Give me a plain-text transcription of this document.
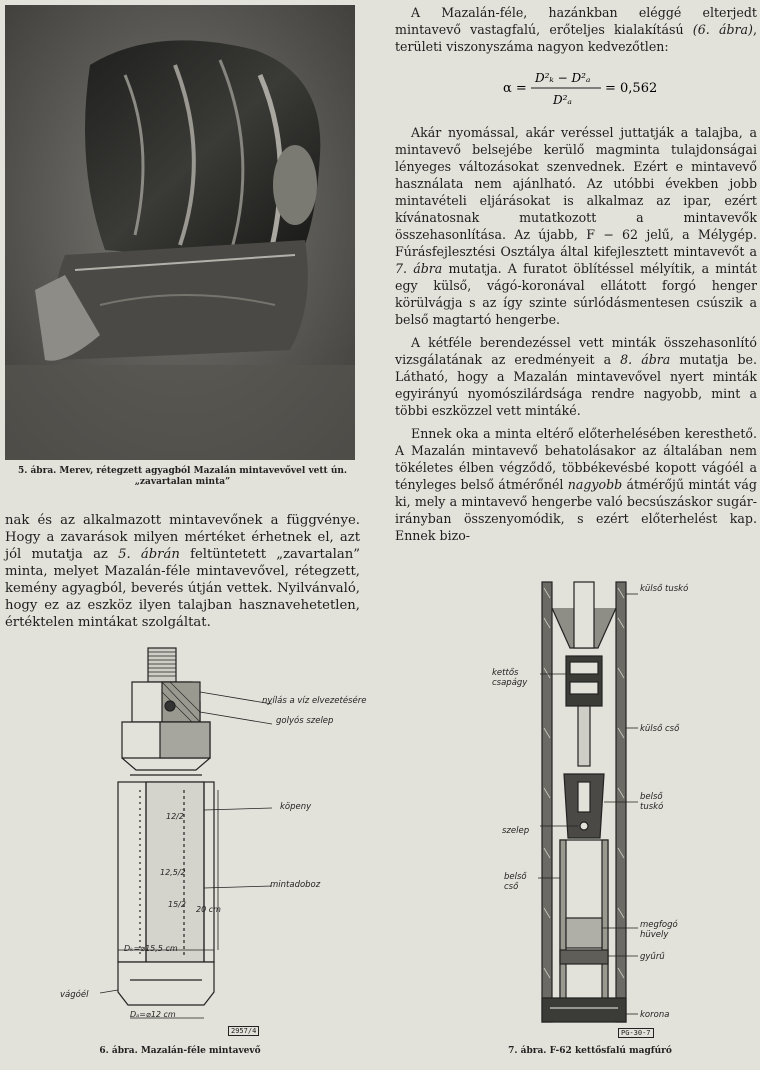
5. ábra. Merev, rétegzett agyagból Mazalán mintavevővel vett ún.
„zavartalan minta”

A Mazalán-féle, hazánkban eléggé elterjedt mintavevő vastagfalú, erőteljes kialakítású (6. ábra), területi viszonyszáma nagyon kedvezőtlen:

α =
D²ₖ − D²ₐ
D²ₐ
= 0,562

Akár nyomással, akár veréssel juttatják a talajba, a mintavevő belsejébe kerülő magminta tulajdonságai lényeges változásokat szenvednek. Ezért e mintavevő használata nem ajánlható. Az utóbbi években jobb mintavételi eljárásokat is alkalmaz az ipar, ezért kívánatosnak mutatkozott a mintavevők összehasonlítása. Az újabb, F − 62 jelű, a Mélygép. Fúrásfejlesztési Osztálya által kifejlesztett mintavevőt a 7. ábra mutatja. A furatot öblítéssel mélyítik, a mintát egy külső, vágó-koronával ellátott forgó henger körülvágja s az így szinte súrlódásmentesen csúszik a belső magtartó hengerbe.

A kétféle berendezéssel vett minták összehasonlító vizsgálatának az eredményeit a 8. ábra mutatja be. Látható, hogy a Mazalán mintavevővel nyert minták egyirányú nyomószilárdsága rendre nagyobb, mint a többi eszközzel vett mintáké.

Ennek oka a minta eltérő előterhelésében keresthető. A Mazalán mintavevő behatolásakor az általában nem tökéletes élben végződő, többékevésbé kopott vágóél a tényleges belső átmérőnél nagyobb átmérőjű mintát vág ki, mely a mintavevő hengerbe való becsúszáskor sugár-irányban összenyomódik, s ezért előterhelést kap. Ennek bizo-

nak és az alkalmazott mintavevőnek a függvénye. Hogy a zavarások milyen mértéket érhetnek el, azt jól mutatja az 5. ábrán feltüntetett „zavartalan” minta, melyet Mazalán-féle mintavevővel, rétegzett, kemény agyagból, beverés útján vettek. Nyilvánvaló, hogy ez az eszköz ilyen talajban hasznavehetetlen, értéktelen mintákat szolgáltat.

nyílás a víz elvezetésére
golyós szelep
köpeny
mintadoboz
vágóél
12/2
12,5/2
15/2
20 cm
Dₖ=⌀15,5 cm
Dₐ=⌀12 cm
2957/4
6. ábra. Mazalán-féle mintavevő
külső tuskó
kettős csapágy
külső cső
belső tuskó
szelep
belső cső
megfogó hüvely
gyűrű
korona
PG-30-7
7. ábra. F-62 kettősfalú magfúró
